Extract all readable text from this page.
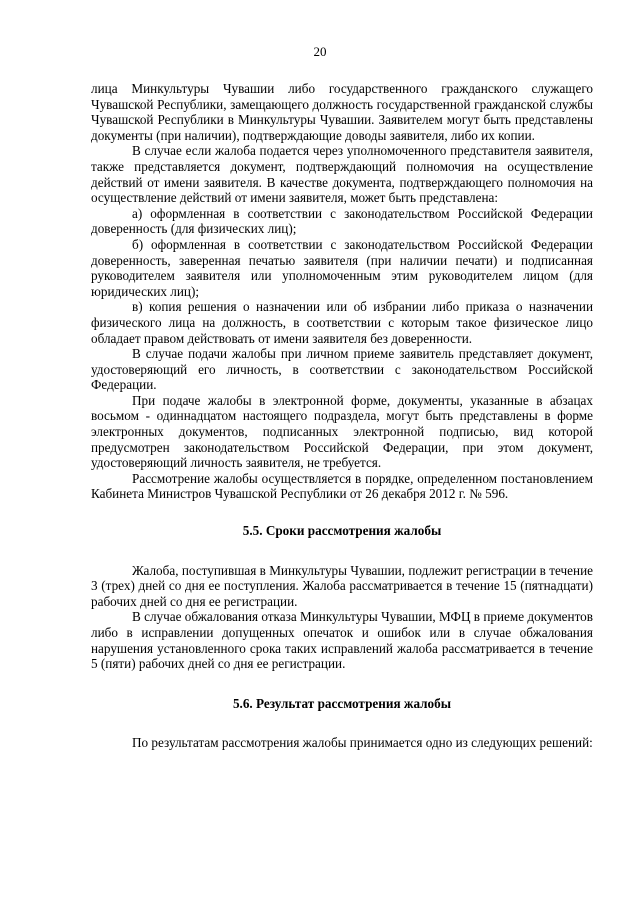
20

лица Минкультуры Чувашии либо государственного гражданского служащего Чувашской Республики, замещающего должность государственной гражданской службы Чувашской Республики в Минкультуры Чувашии. Заявителем могут быть представлены документы (при наличии), подтверждающие доводы заявителя, либо их копии.

В случае если жалоба подается через уполномоченного представителя заявителя, также представляется документ, подтверждающий полномочия на осуществление действий от имени заявителя. В качестве документа, подтверждающего полномочия на осуществление действий от имени заявителя, может быть представлена:

а) оформленная в соответствии с законодательством Российской Федерации доверенность (для физических лиц);

б) оформленная в соответствии с законодательством Российской Федерации доверенность, заверенная печатью заявителя (при наличии печати) и подписанная руководителем заявителя или уполномоченным этим руководителем лицом (для юридических лиц);

в) копия решения о назначении или об избрании либо приказа о назначении физического лица на должность, в соответствии с которым такое физическое лицо обладает правом действовать от имени заявителя без доверенности.

В случае подачи жалобы при личном приеме заявитель представляет документ, удостоверяющий его личность, в соответствии с законодательством Российской Федерации.

При подаче жалобы в электронной форме, документы, указанные в абзацах восьмом - одиннадцатом настоящего подраздела, могут быть представлены в форме электронных документов, подписанных электронной подписью, вид которой предусмотрен законодательством Российской Федерации, при этом документ, удостоверяющий личность заявителя, не требуется.

Рассмотрение жалобы осуществляется в порядке, определенном постановлением Кабинета Министров Чувашской Республики от 26 декабря 2012 г. № 596.

5.5. Сроки рассмотрения жалобы

Жалоба, поступившая в Минкультуры Чувашии, подлежит регистрации в течение 3 (трех) дней со дня ее поступления. Жалоба рассматривается в течение 15 (пятнадцати) рабочих дней со дня ее регистрации.

В случае обжалования отказа Минкультуры Чувашии, МФЦ в приеме документов либо в исправлении допущенных опечаток и ошибок или в случае обжалования нарушения установленного срока таких исправлений жалоба рассматривается в течение 5 (пяти) рабочих дней со дня ее регистрации.

5.6. Результат рассмотрения жалобы

По результатам рассмотрения жалобы принимается одно из следующих решений:
